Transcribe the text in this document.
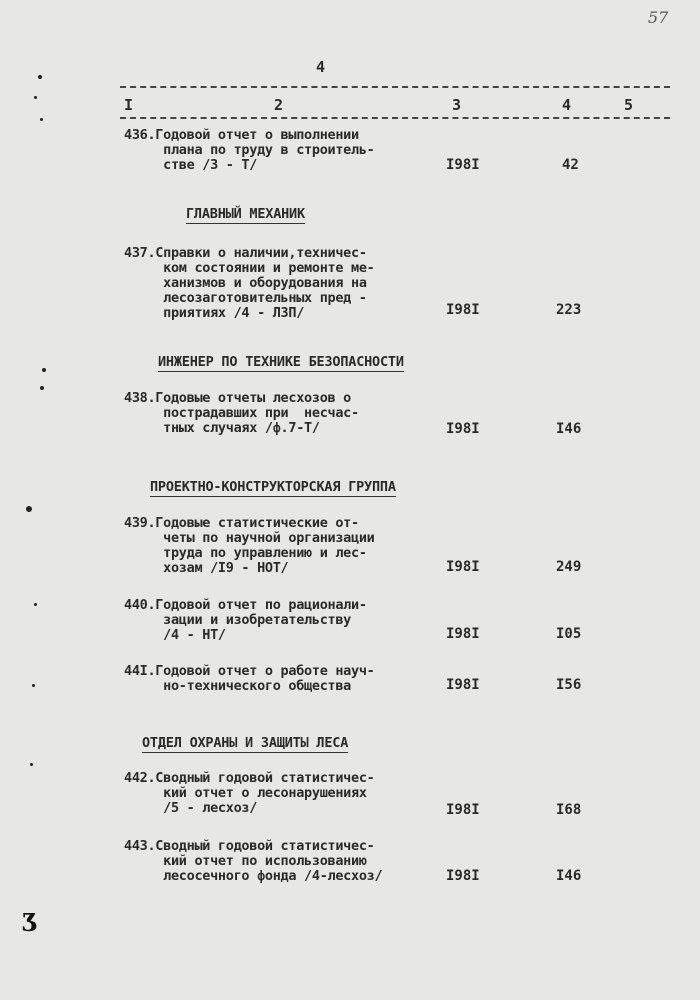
57
4
I	2	3	4	5
436.Годовой отчет о выполнении
плана по труду в строитель-
стве /3 - Т/	I98I	42
ГЛАВНЫЙ МЕХАНИК
437.Справки о наличии,техничес-
ком состоянии и ремонте ме-
ханизмов и оборудования на
лесозаготовительных пред -
приятиях /4 - ЛЗП/	I98I	223
ИНЖЕНЕР ПО ТЕХНИКЕ БЕЗОПАСНОСТИ
438.Годовые отчеты лесхозов о
пострадавших при  несчас-
тных случаях /ф.7-Т/	I98I	I46
ПРОЕКТНО-КОНСТРУКТОРСКАЯ ГРУППА
439.Годовые статистические от-
четы по научной организации
труда по управлению и лес-
хозам /I9 - НОТ/	I98I	249
440.Годовой отчет по рационали-
зации и изобретательству
/4 - НТ/	I98I	I05
44I.Годовой отчет о работе науч-
но-технического общества	I98I	I56
ОТДЕЛ ОХРАНЫ И ЗАЩИТЫ ЛЕСА
442.Сводный годовой статистичес-
кий отчет о лесонарушениях
/5 - лесхоз/	I98I	I68
443.Сводный годовой статистичес-
кий отчет по использованию
лесосечного фонда /4-лесхоз/	I98I	I46
Ʒ
